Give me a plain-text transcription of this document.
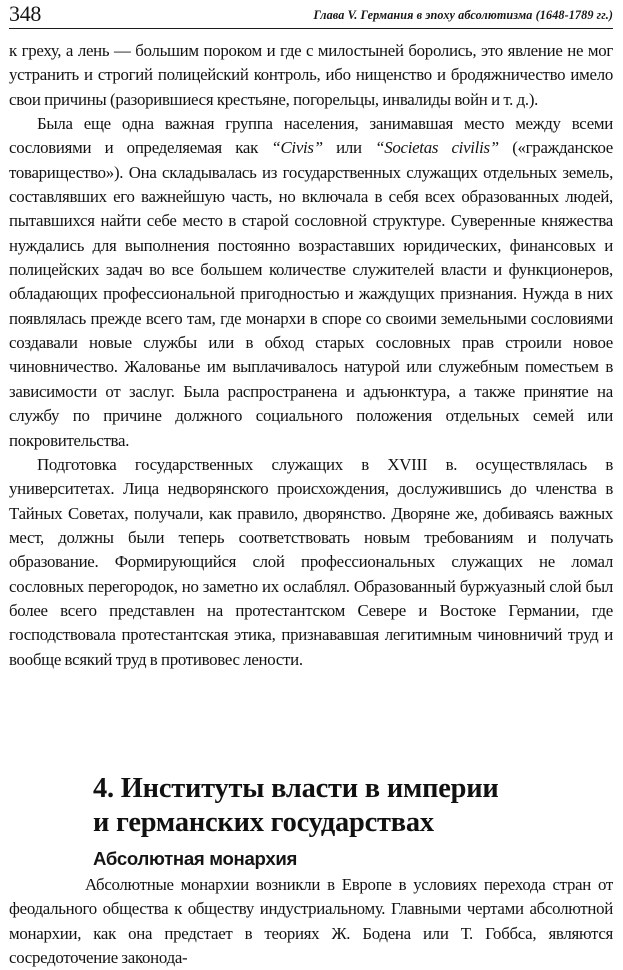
348	Глава V. Германия в эпоху абсолютизма (1648-1789 гг.)

к греху, а лень — большим пороком и где с милостыней боролись, это явление не мог устранить и строгий полицейский контроль, ибо нищенство и бродяжничество имело свои причины (разорившиеся крестьяне, погорельцы, инвалиды войн и т. д.).

Была еще одна важная группа населения, занимавшая место между всеми сословиями и определяемая как “Civis” или “Societas civilis” («гражданское товарищество»). Она складывалась из государственных служащих отдельных земель, составлявших его важнейшую часть, но включала в себя всех образованных людей, пытавшихся найти себе место в старой сословной структуре. Суверенные княжества нуждались для выполнения постоянно возраставших юридических, финансовых и полицейских задач во все большем количестве служителей власти и функционеров, обладающих профессиональной пригодностью и жаждущих признания. Нужда в них появлялась прежде всего там, где монархи в споре со своими земельными сословиями создавали новые службы или в обход старых сословных прав строили новое чиновничество. Жалованье им выплачивалось натурой или служебным поместьем в зависимости от заслуг. Была распространена и адъюнктура, а также принятие на службу по причине должного социального положения отдельных семей или покровительства.

Подготовка государственных служащих в XVIII в. осуществлялась в университетах. Лица недворянского происхождения, дослужившись до членства в Тайных Советах, получали, как правило, дворянство. Дворяне же, добиваясь важных мест, должны были теперь соответствовать новым требованиям и получать образование. Формирующийся слой профессиональных служащих не ломал сословных перегородок, но заметно их ослаблял. Образованный буржуазный слой был более всего представлен на протестантском Севере и Востоке Германии, где господствовала протестантская этика, признававшая легитимным чиновничий труд и вообще всякий труд в противовес лености.

4. Институты власти в империи
и германских государствах
Абсолютная монархия

Абсолютные монархии возникли в Европе в условиях перехода стран от феодального общества к обществу индустриальному. Главными чертами абсолютной монархии, как она предстает в теориях Ж. Бодена или Т. Гоббса, являются сосредоточение законода-
